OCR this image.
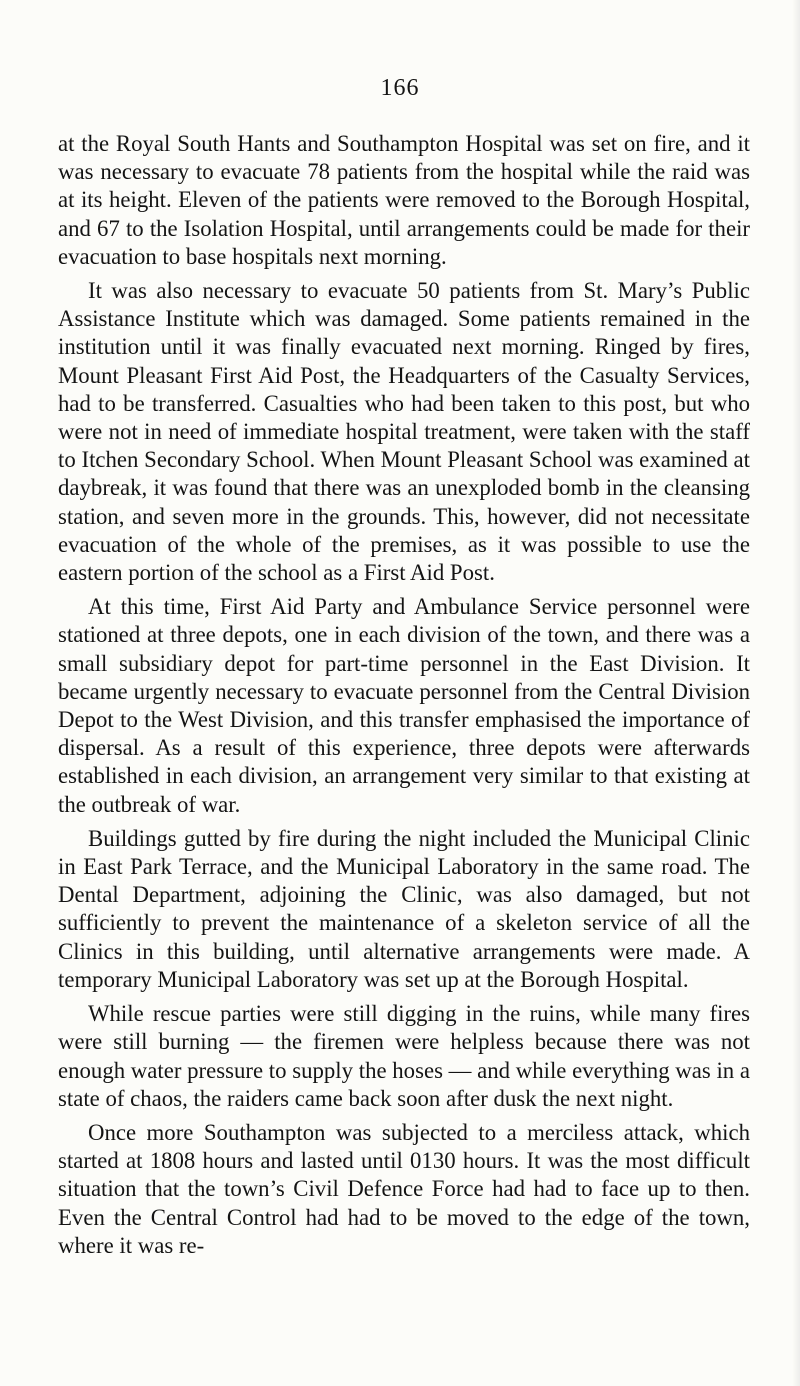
166

at the Royal South Hants and Southampton Hospital was set on fire, and it was necessary to evacuate 78 patients from the hospital while the raid was at its height. Eleven of the patients were removed to the Borough Hospital, and 67 to the Isolation Hospital, until arrangements could be made for their evacuation to base hospitals next morning.

It was also necessary to evacuate 50 patients from St. Mary’s Public Assistance Institute which was damaged. Some patients remained in the institution until it was finally evacuated next morning. Ringed by fires, Mount Pleasant First Aid Post, the Headquarters of the Casualty Services, had to be transferred. Casualties who had been taken to this post, but who were not in need of immediate hospital treatment, were taken with the staff to Itchen Secondary School. When Mount Pleasant School was examined at daybreak, it was found that there was an unexploded bomb in the cleansing station, and seven more in the grounds. This, however, did not necessitate evacuation of the whole of the premises, as it was possible to use the eastern portion of the school as a First Aid Post.

At this time, First Aid Party and Ambulance Service personnel were stationed at three depots, one in each division of the town, and there was a small subsidiary depot for part-time personnel in the East Division. It became urgently necessary to evacuate personnel from the Central Division Depot to the West Division, and this transfer emphasised the importance of dispersal. As a result of this experience, three depots were afterwards established in each division, an arrangement very similar to that existing at the outbreak of war.

Buildings gutted by fire during the night included the Municipal Clinic in East Park Terrace, and the Municipal Laboratory in the same road. The Dental Department, adjoining the Clinic, was also damaged, but not sufficiently to prevent the maintenance of a skeleton service of all the Clinics in this building, until alternative arrangements were made. A temporary Municipal Laboratory was set up at the Borough Hospital.

While rescue parties were still digging in the ruins, while many fires were still burning — the firemen were helpless because there was not enough water pressure to supply the hoses — and while everything was in a state of chaos, the raiders came back soon after dusk the next night.

Once more Southampton was subjected to a merciless attack, which started at 1808 hours and lasted until 0130 hours. It was the most difficult situation that the town’s Civil Defence Force had had to face up to then. Even the Central Control had had to be moved to the edge of the town, where it was re-
